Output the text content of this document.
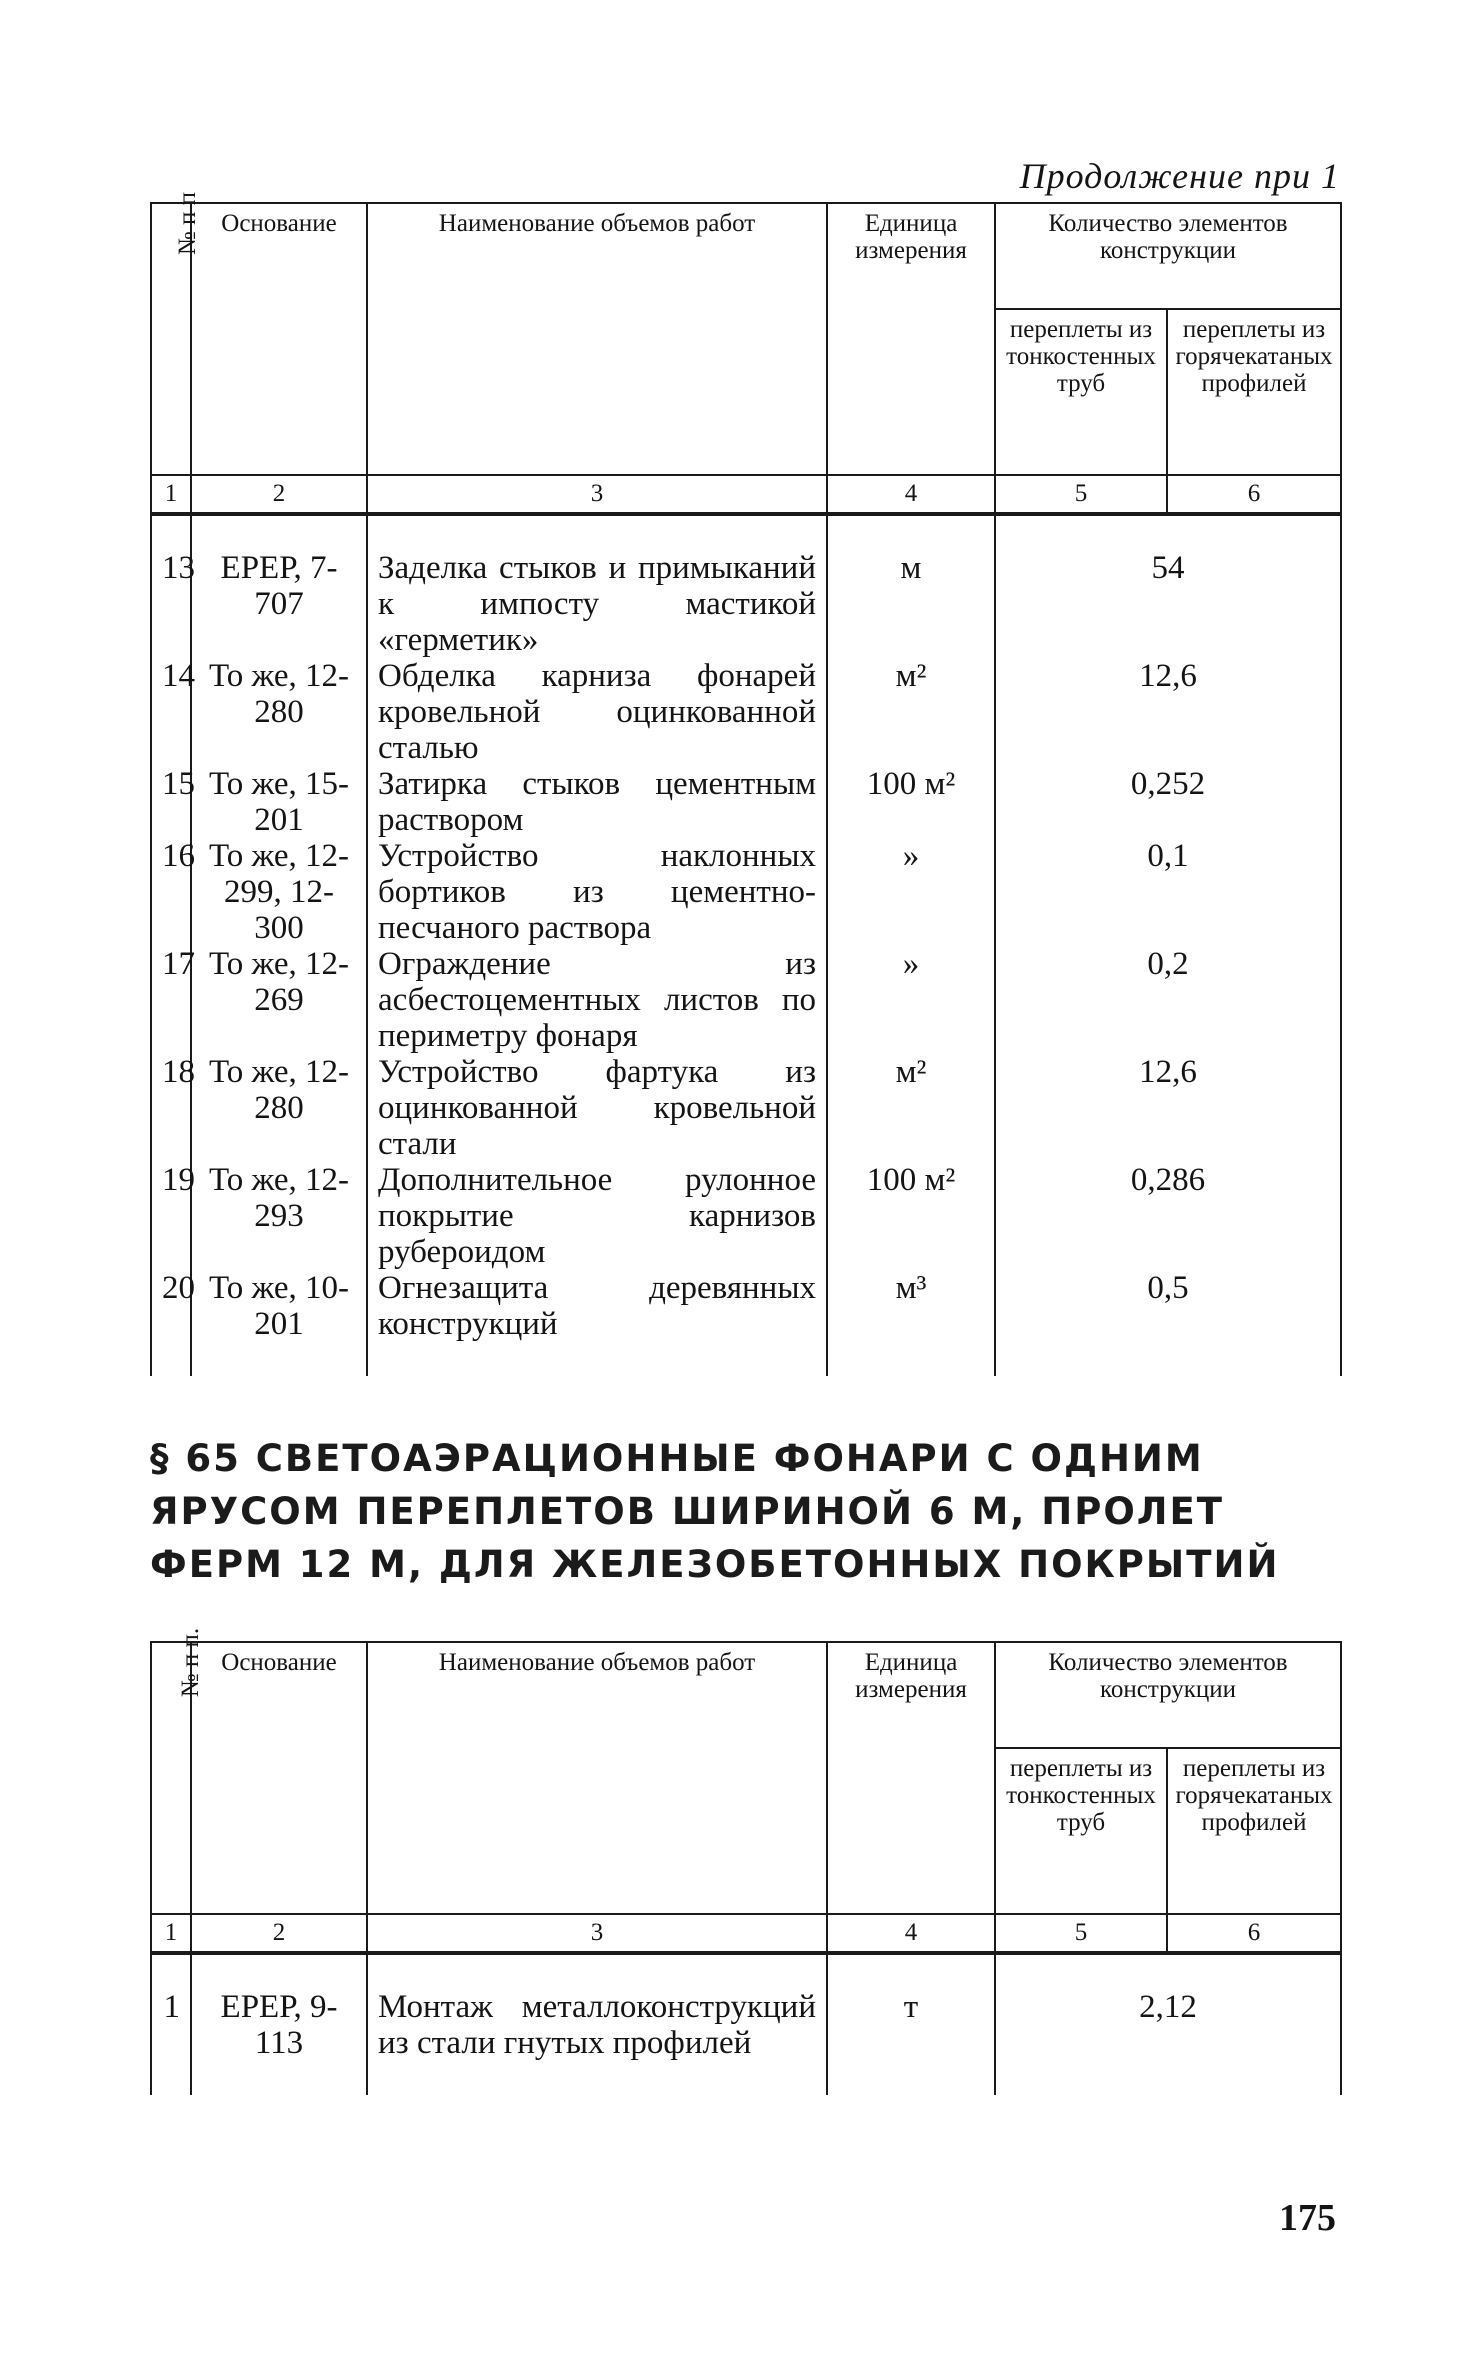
Продолжение при 1
№ п п	Основание	Наименование объемов работ	Единица измерения	Количество элементов конструкции	
				переплеты из тонкостенных труб	переплеты из горячекатаных профилей
1	2	3	4	5	6
13	ЕРЕР, 7-707	Заделка стыков и примыканий к импосту мастикой «герметик»	м	54	
14	То же, 12-280	Обделка карниза фонарей кровельной оцинкованной сталью	м²	12,6	
15	То же, 15-201	Затирка стыков цементным раствором	100 м²	0,252	
16	То же, 12-299, 12-300	Устройство наклонных бортиков из цементно-песчаного раствора	»	0,1	
17	То же, 12-269	Ограждение из асбестоцементных листов по периметру фонаря	»	0,2	
18	То же, 12-280	Устройство фартука из оцинкованной кровельной стали	м²	12,6	
19	То же, 12-293	Дополнительное рулонное покрытие карнизов рубероидом	100 м²	0,286	
20	То же, 10-201	Огнезащита деревянных конструкций	м³	0,5	
§ 65 СВЕТОАЭРАЦИОННЫЕ ФОНАРИ С ОДНИМ ЯРУСОМ ПЕРЕПЛЕТОВ ШИРИНОЙ 6 М, ПРОЛЕТ ФЕРМ 12 М, ДЛЯ ЖЕЛЕЗОБЕТОННЫХ ПОКРЫТИЙ
№ п п.	Основание	Наименование объемов работ	Единица измерения	Количество элементов конструкции	
				переплеты из тонкостенных труб	переплеты из горячекатаных профилей
1	2	3	4	5	6
1	ЕРЕР, 9-113	Монтаж металлоконструкций из стали гнутых профилей	т	2,12	
175
